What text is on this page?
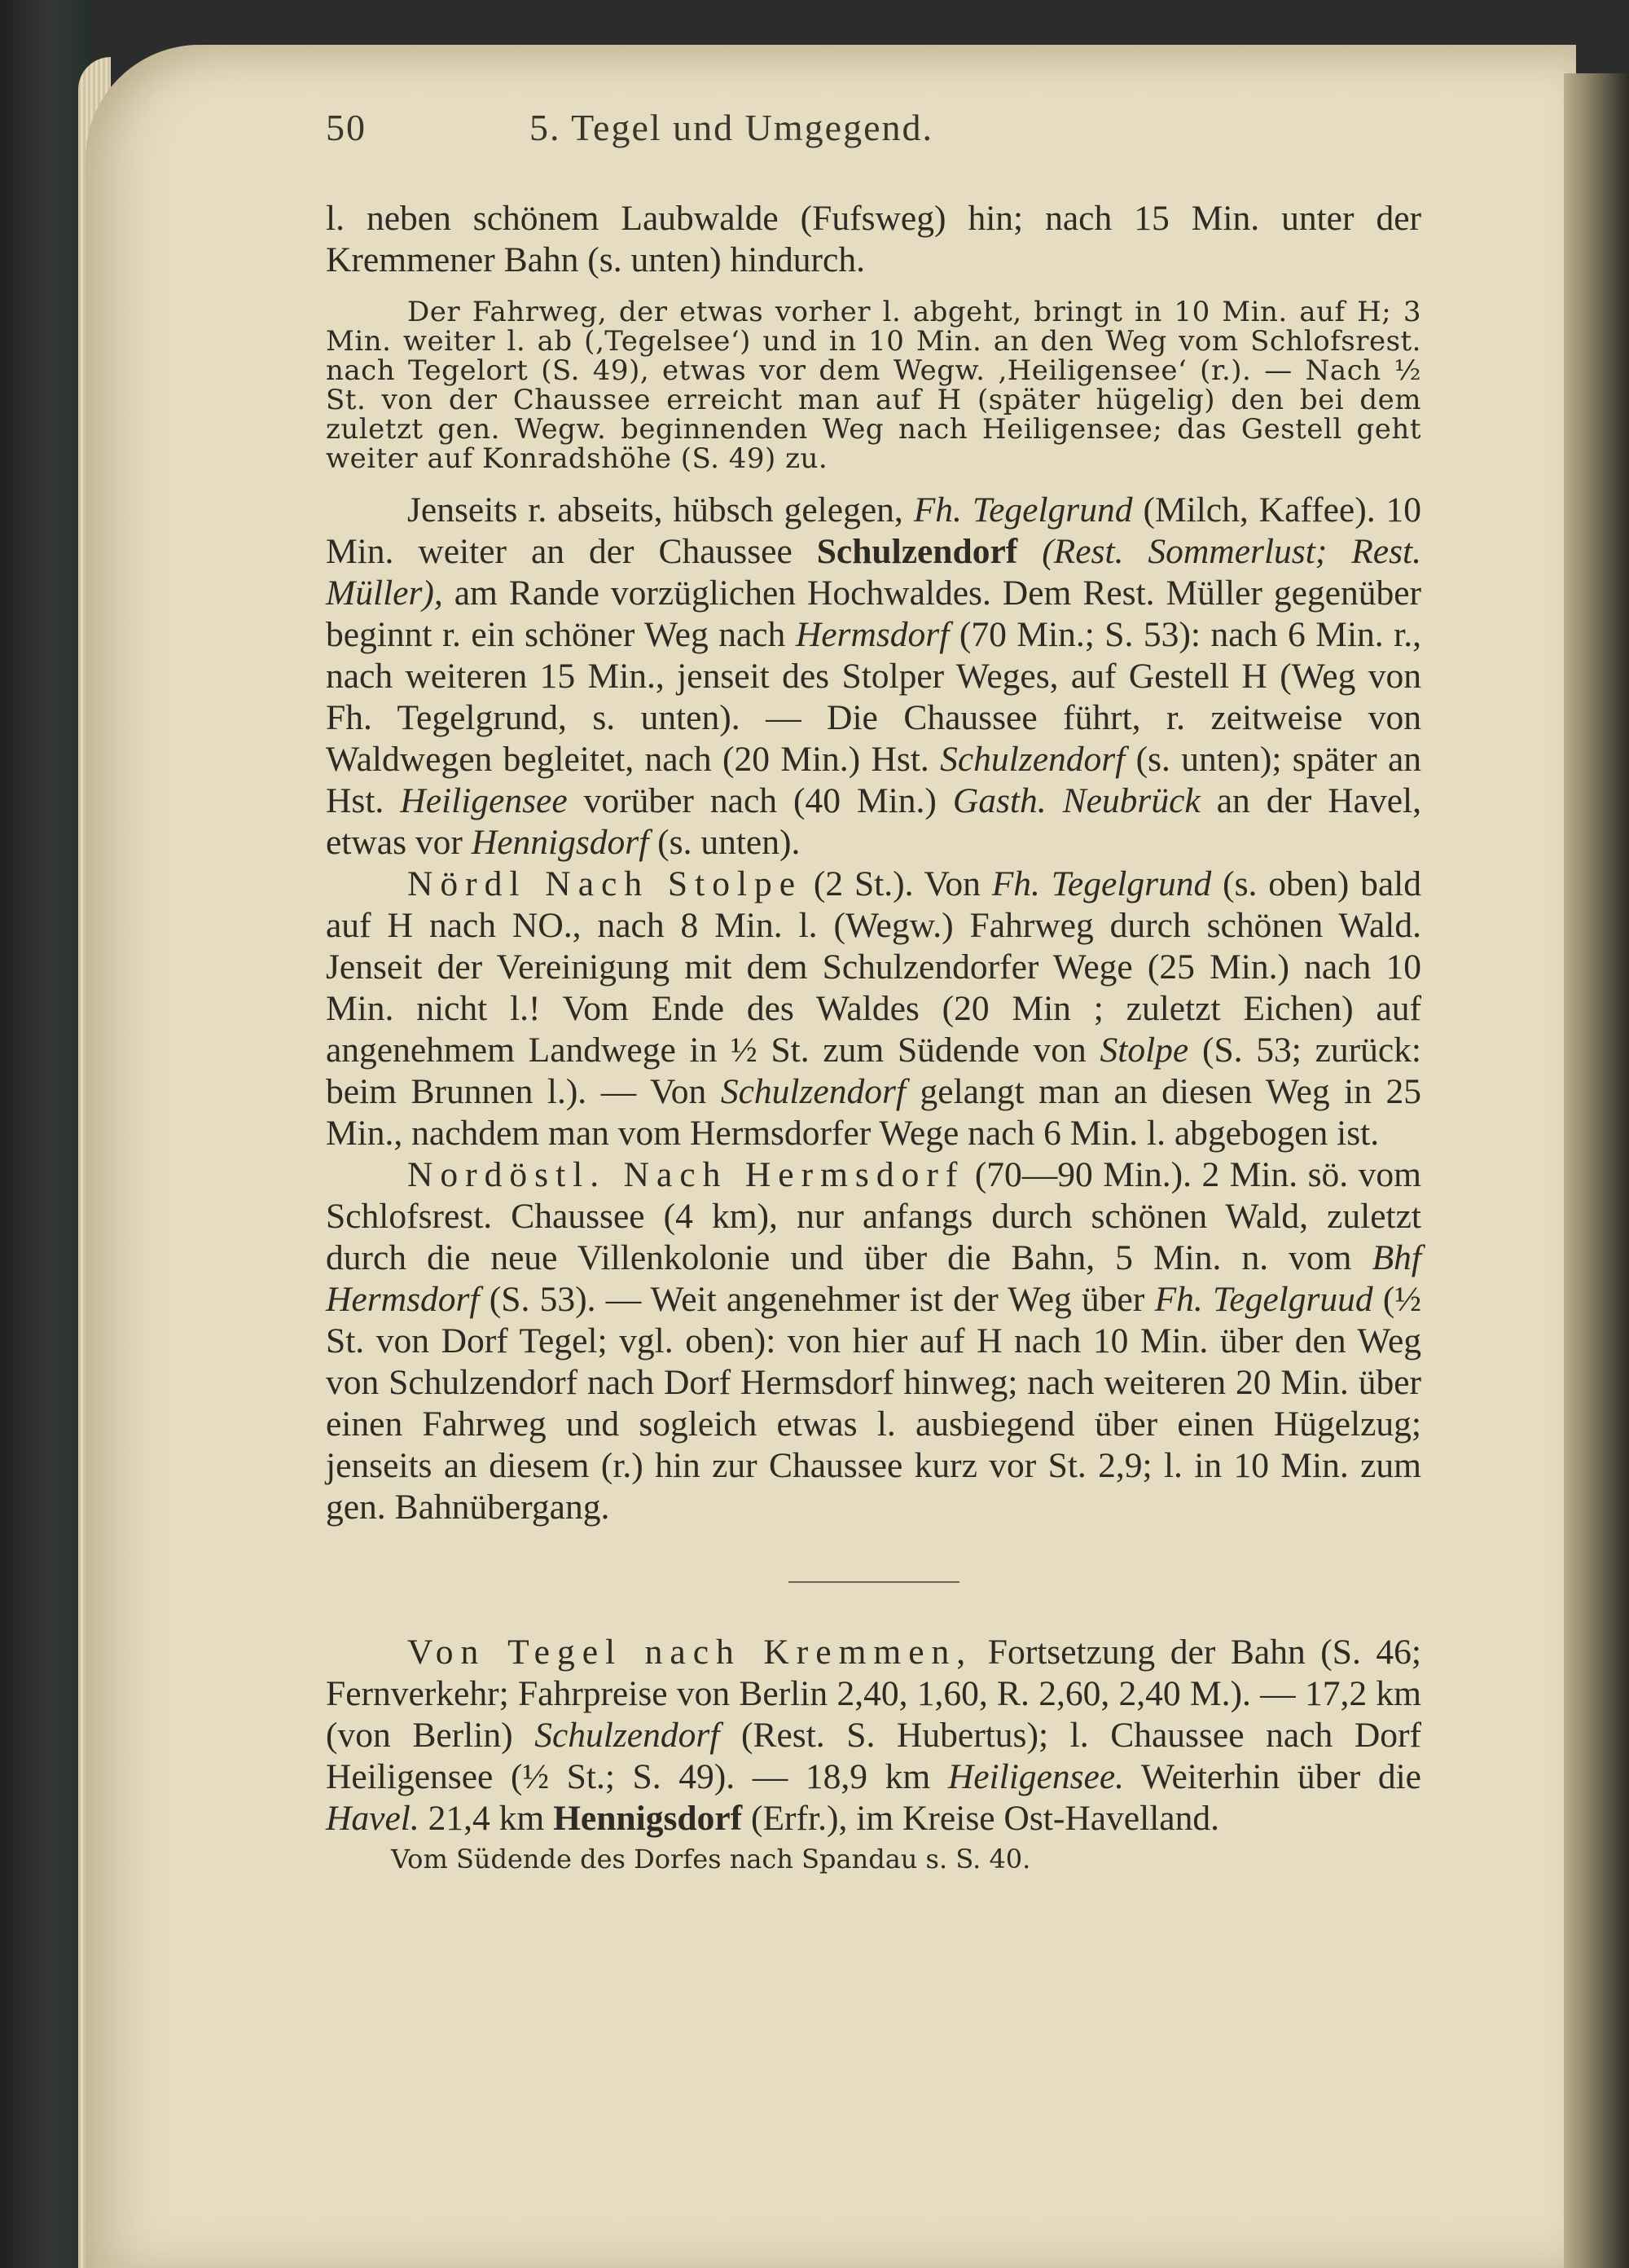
50	5. Tegel und Umgegend.

l. neben schönem Laubwalde (Fufsweg) hin; nach 15 Min. unter der Kremmener Bahn (s. unten) hindurch.

Der Fahrweg, der etwas vorher l. abgeht, bringt in 10 Min. auf H; 3 Min. weiter l. ab (‚Tegelsee‘) und in 10 Min. an den Weg vom Schlofsrest. nach Tegelort (S. 49), etwas vor dem Wegw. ‚Heiligensee‘ (r.). — Nach ½ St. von der Chaussee erreicht man auf H (später hügelig) den bei dem zuletzt gen. Wegw. beginnenden Weg nach Heiligensee; das Gestell geht weiter auf Konradshöhe (S. 49) zu.

Jenseits r. abseits, hübsch gelegen, Fh. Tegelgrund (Milch, Kaffee). 10 Min. weiter an der Chaussee Schulzendorf (Rest. Sommerlust; Rest. Müller), am Rande vorzüglichen Hochwaldes. Dem Rest. Müller gegenüber beginnt r. ein schöner Weg nach Hermsdorf (70 Min.; S. 53): nach 6 Min. r., nach weiteren 15 Min., jenseit des Stolper Weges, auf Gestell H (Weg von Fh. Tegelgrund, s. unten). — Die Chaussee führt, r. zeitweise von Waldwegen begleitet, nach (20 Min.) Hst. Schulzendorf (s. unten); später an Hst. Heiligensee vorüber nach (40 Min.) Gasth. Neubrück an der Havel, etwas vor Hennigsdorf (s. unten).

Nördl Nach Stolpe (2 St.). Von Fh. Tegelgrund (s. oben) bald auf H nach NO., nach 8 Min. l. (Wegw.) Fahrweg durch schönen Wald. Jenseit der Vereinigung mit dem Schulzendorfer Wege (25 Min.) nach 10 Min. nicht l.! Vom Ende des Waldes (20 Min ; zuletzt Eichen) auf angenehmem Landwege in ½ St. zum Südende von Stolpe (S. 53; zurück: beim Brunnen l.). — Von Schulzendorf gelangt man an diesen Weg in 25 Min., nachdem man vom Hermsdorfer Wege nach 6 Min. l. abgebogen ist.

Nordöstl. Nach Hermsdorf (70—90 Min.). 2 Min. sö. vom Schlofsrest. Chaussee (4 km), nur anfangs durch schönen Wald, zuletzt durch die neue Villenkolonie und über die Bahn, 5 Min. n. vom Bhf Hermsdorf (S. 53). — Weit angenehmer ist der Weg über Fh. Tegelgruud (½ St. von Dorf Tegel; vgl. oben): von hier auf H nach 10 Min. über den Weg von Schulzendorf nach Dorf Hermsdorf hinweg; nach weiteren 20 Min. über einen Fahrweg und sogleich etwas l. ausbiegend über einen Hügelzug; jenseits an diesem (r.) hin zur Chaussee kurz vor St. 2,9; l. in 10 Min. zum gen. Bahnübergang.

Von Tegel nach Kremmen, Fortsetzung der Bahn (S. 46; Fernverkehr; Fahrpreise von Berlin 2,40, 1,60, R. 2,60, 2,40 M.). — 17,2 km (von Berlin) Schulzendorf (Rest. S. Hubertus); l. Chaussee nach Dorf Heiligensee (½ St.; S. 49). — 18,9 km Heiligensee. Weiterhin über die Havel. 21,4 km Hennigsdorf (Erfr.), im Kreise Ost-Havelland.

Vom Südende des Dorfes nach Spandau s. S. 40.
